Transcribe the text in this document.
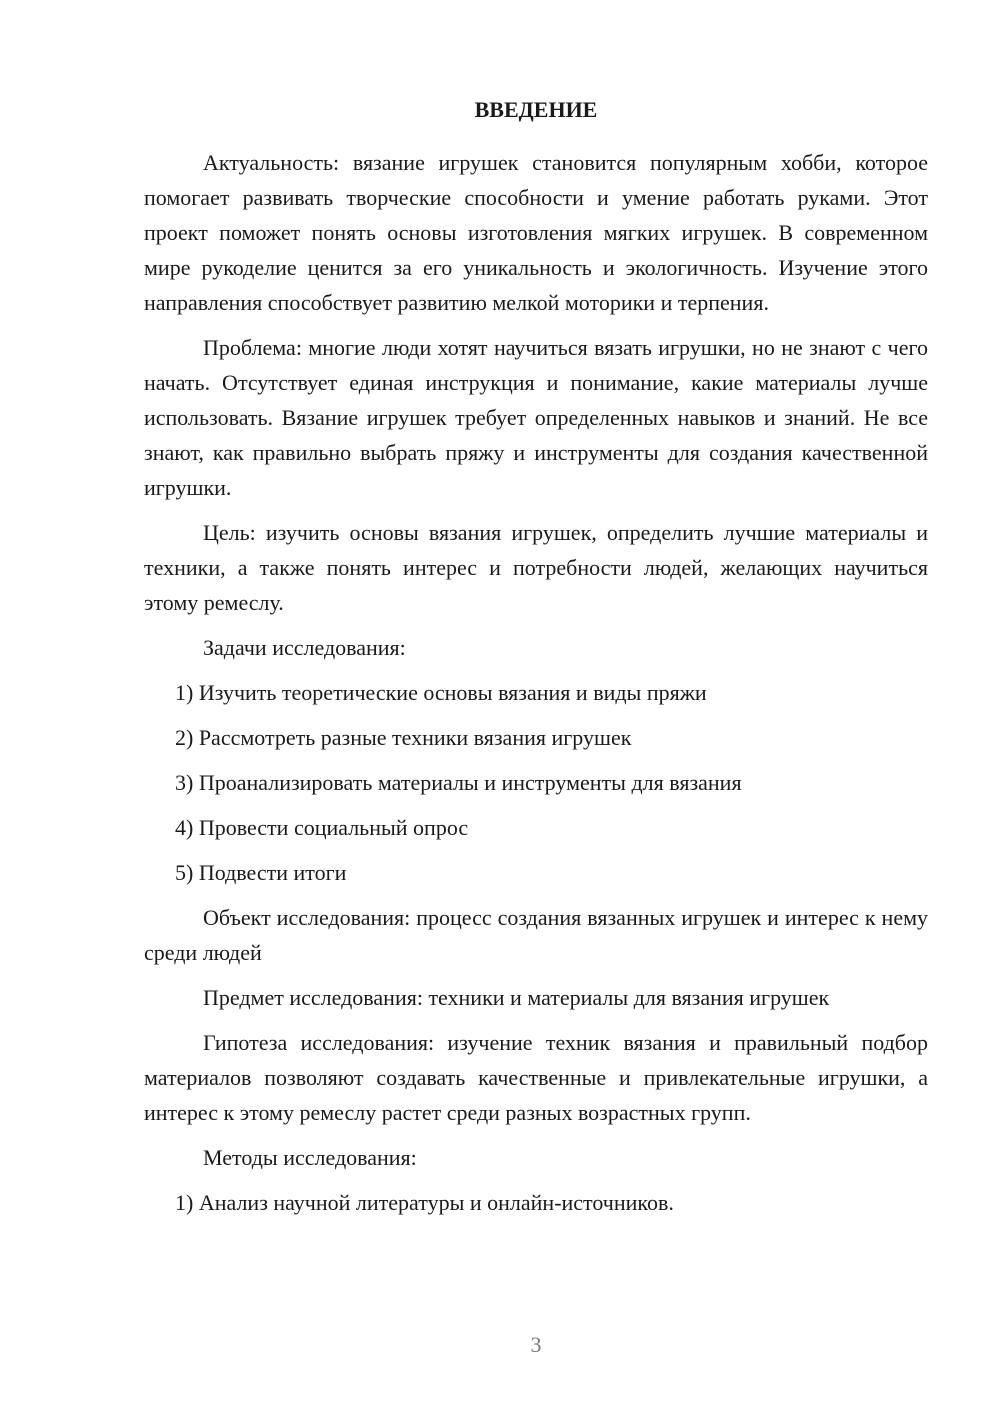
ВВЕДЕНИЕ
Актуальность: вязание игрушек становится популярным хобби, которое помогает развивать творческие способности и умение работать руками. Этот проект поможет понять основы изготовления мягких игрушек. В современном мире рукоделие ценится за его уникальность и экологичность. Изучение этого направления способствует развитию мелкой моторики и терпения.
Проблема: многие люди хотят научиться вязать игрушки, но не знают с чего начать. Отсутствует единая инструкция и понимание, какие материалы лучше использовать. Вязание игрушек требует определенных навыков и знаний. Не все знают, как правильно выбрать пряжу и инструменты для создания качественной игрушки.
Цель: изучить основы вязания игрушек, определить лучшие материалы и техники, а также понять интерес и потребности людей, желающих научиться этому ремеслу.
Задачи исследования:
1) Изучить теоретические основы вязания и виды пряжи
2) Рассмотреть разные техники вязания игрушек
3) Проанализировать материалы и инструменты для вязания
4) Провести социальный опрос
5) Подвести итоги
Объект исследования: процесс создания вязанных игрушек и интерес к нему среди людей
Предмет исследования: техники и материалы для вязания игрушек
Гипотеза исследования: изучение техник вязания и правильный подбор материалов позволяют создавать качественные и привлекательные игрушки, а интерес к этому ремеслу растет среди разных возрастных групп.
Методы исследования:
1) Анализ научной литературы и онлайн-источников.
3
